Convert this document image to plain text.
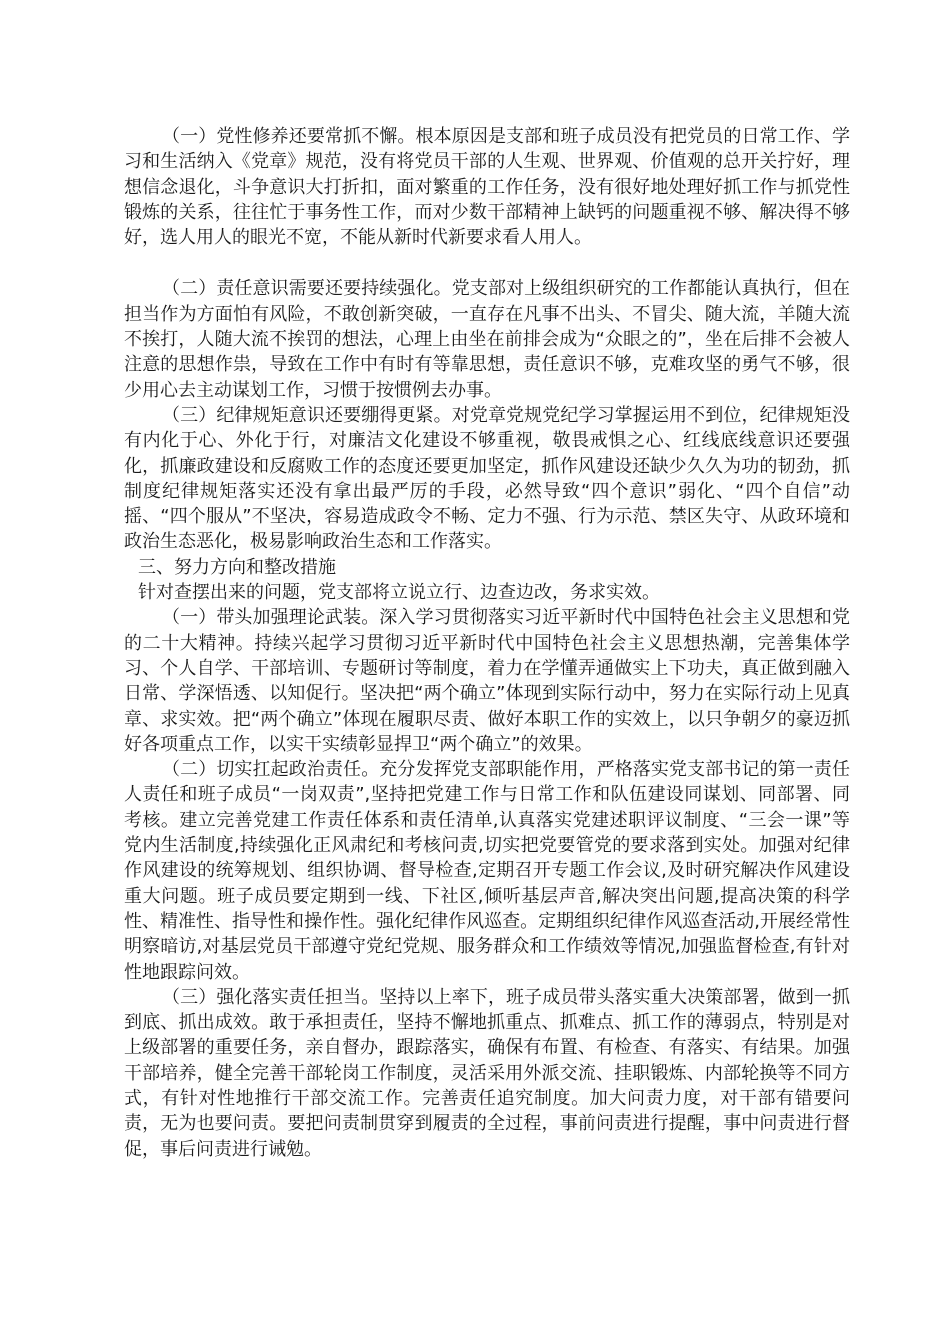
（一）党性修养还要常抓不懈。根本原因是支部和班子成员没有把党员的日常工作、学习和生活纳入《党章》规范，没有将党员干部的人生观、世界观、价值观的总开关拧好，理想信念退化，斗争意识大打折扣，面对繁重的工作任务，没有很好地处理好抓工作与抓党性锻炼的关系，往往忙于事务性工作，而对少数干部精神上缺钙的问题重视不够、解决得不够好，选人用人的眼光不宽，不能从新时代新要求看人用人。

（二）责任意识需要还要持续强化。党支部对上级组织研究的工作都能认真执行，但在担当作为方面怕有风险，不敢创新突破，一直存在凡事不出头、不冒尖、随大流，羊随大流不挨打，人随大流不挨罚的想法，心理上由坐在前排会成为“众眼之的”，坐在后排不会被人注意的思想作祟，导致在工作中有时有等靠思想，责任意识不够，克难攻坚的勇气不够，很少用心去主动谋划工作，习惯于按惯例去办事。

（三）纪律规矩意识还要绷得更紧。对党章党规党纪学习掌握运用不到位，纪律规矩没有内化于心、外化于行，对廉洁文化建设不够重视，敬畏戒惧之心、红线底线意识还要强化，抓廉政建设和反腐败工作的态度还要更加坚定，抓作风建设还缺少久久为功的韧劲，抓制度纪律规矩落实还没有拿出最严厉的手段，必然导致“四个意识”弱化、“四个自信”动摇、“四个服从”不坚决，容易造成政令不畅、定力不强、行为示范、禁区失守、从政环境和政治生态恶化，极易影响政治生态和工作落实。

三、努力方向和整改措施

针对查摆出来的问题，党支部将立说立行、边查边改，务求实效。

（一）带头加强理论武装。深入学习贯彻落实习近平新时代中国特色社会主义思想和党的二十大精神。持续兴起学习贯彻习近平新时代中国特色社会主义思想热潮，完善集体学习、个人自学、干部培训、专题研讨等制度，着力在学懂弄通做实上下功夫，真正做到融入日常、学深悟透、以知促行。坚决把“两个确立”体现到实际行动中，努力在实际行动上见真章、求实效。把“两个确立”体现在履职尽责、做好本职工作的实效上，以只争朝夕的豪迈抓好各项重点工作，以实干实绩彰显捍卫“两个确立”的效果。

（二）切实扛起政治责任。充分发挥党支部职能作用，严格落实党支部书记的第一责任人责任和班子成员“一岗双责”,坚持把党建工作与日常工作和队伍建设同谋划、同部署、同考核。建立完善党建工作责任体系和责任清单,认真落实党建述职评议制度、“三会一课”等党内生活制度,持续强化正风肃纪和考核问责,切实把党要管党的要求落到实处。加强对纪律作风建设的统筹规划、组织协调、督导检查,定期召开专题工作会议,及时研究解决作风建设重大问题。班子成员要定期到一线、下社区,倾听基层声音,解决突出问题,提高决策的科学性、精准性、指导性和操作性。强化纪律作风巡查。定期组织纪律作风巡查活动,开展经常性明察暗访,对基层党员干部遵守党纪党规、服务群众和工作绩效等情况,加强监督检查,有针对性地跟踪问效。

（三）强化落实责任担当。坚持以上率下，班子成员带头落实重大决策部署，做到一抓到底、抓出成效。敢于承担责任，坚持不懈地抓重点、抓难点、抓工作的薄弱点，特别是对上级部署的重要任务，亲自督办，跟踪落实，确保有布置、有检查、有落实、有结果。加强干部培养，健全完善干部轮岗工作制度，灵活采用外派交流、挂职锻炼、内部轮换等不同方式，有针对性地推行干部交流工作。完善责任追究制度。加大问责力度，对干部有错要问责，无为也要问责。要把问责制贯穿到履责的全过程，事前问责进行提醒，事中问责进行督促，事后问责进行诫勉。
